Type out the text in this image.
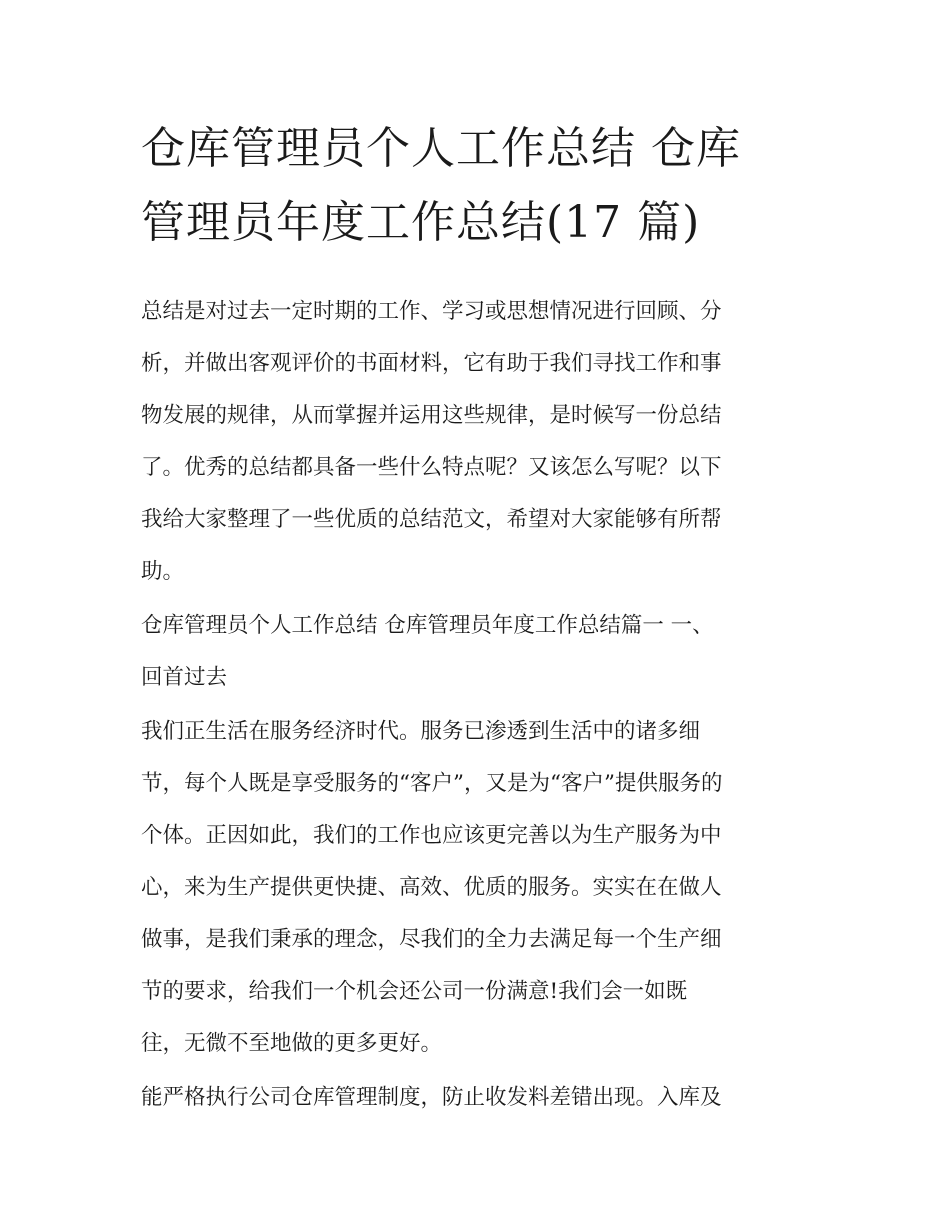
仓库管理员个人工作总结 仓库
管理员年度工作总结(17 篇)

总结是对过去一定时期的工作、学习或思想情况进行回顾、分
析，并做出客观评价的书面材料，它有助于我们寻找工作和事
物发展的规律，从而掌握并运用这些规律，是时候写一份总结
了。优秀的总结都具备一些什么特点呢？又该怎么写呢？以下
我给大家整理了一些优质的总结范文，希望对大家能够有所帮
助。

仓库管理员个人工作总结 仓库管理员年度工作总结篇一 一、
回首过去

我们正生活在服务经济时代。服务已渗透到生活中的诸多细
节，每个人既是享受服务的“客户”，又是为“客户”提供服务的
个体。正因如此，我们的工作也应该更完善以为生产服务为中
心，来为生产提供更快捷、高效、优质的服务。实实在在做人
做事，是我们秉承的理念，尽我们的全力去满足每一个生产细
节的要求，给我们一个机会还公司一份满意!我们会一如既
往，无微不至地做的更多更好。

能严格执行公司仓库管理制度，防止收发料差错出现。入库及
